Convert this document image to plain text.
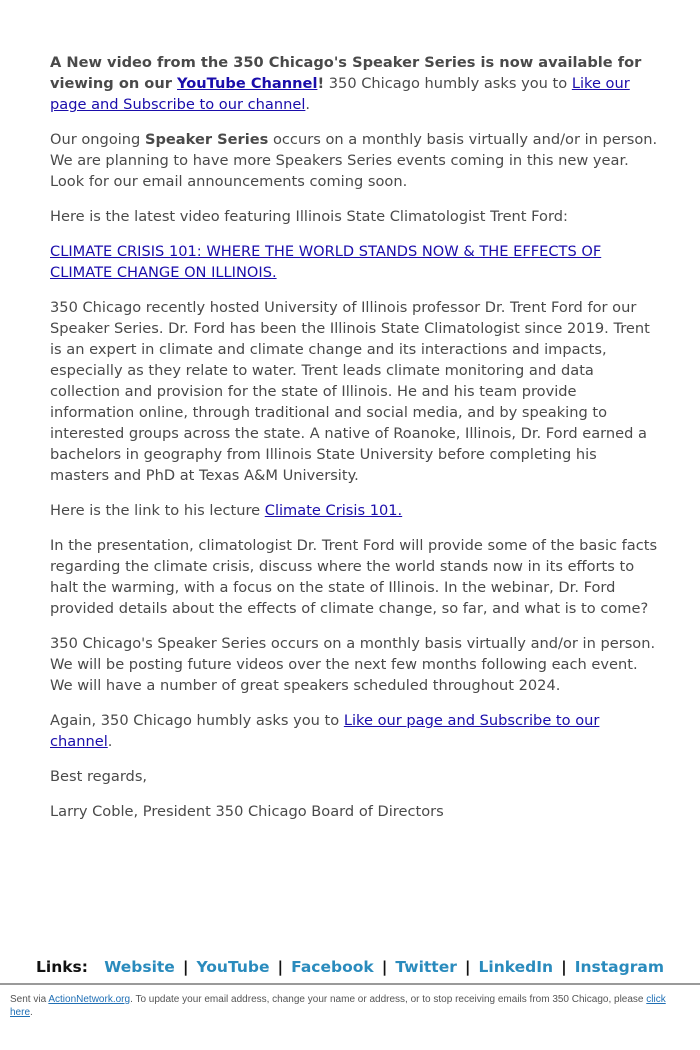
A New video from the 350 Chicago's Speaker Series is now available for viewing on our YouTube Channel! 350 Chicago humbly asks you to Like our page and Subscribe to our channel.

Our ongoing Speaker Series occurs on a monthly basis virtually and/or in person. We are planning to have more Speakers Series events coming in this new year. Look for our email announcements coming soon.

Here is the latest video featuring Illinois State Climatologist Trent Ford:

CLIMATE CRISIS 101: WHERE THE WORLD STANDS NOW & THE EFFECTS OF CLIMATE CHANGE ON ILLINOIS.

350 Chicago recently hosted University of Illinois professor Dr. Trent Ford for our Speaker Series. Dr. Ford has been the Illinois State Climatologist since 2019. Trent is an expert in climate and climate change and its interactions and impacts, especially as they relate to water. Trent leads climate monitoring and data collection and provision for the state of Illinois. He and his team provide information online, through traditional and social media, and by speaking to interested groups across the state. A native of Roanoke, Illinois, Dr. Ford earned a bachelors in geography from Illinois State University before completing his masters and PhD at Texas A&M University.

Here is the link to his lecture Climate Crisis 101.

In the presentation, climatologist Dr. Trent Ford will provide some of the basic facts regarding the climate crisis, discuss where the world stands now in its efforts to halt the warming, with a focus on the state of Illinois. In the webinar, Dr. Ford provided details about the effects of climate change, so far, and what is to come?

350 Chicago's Speaker Series occurs on a monthly basis virtually and/or in person. We will be posting future videos over the next few months following each event. We will have a number of great speakers scheduled throughout 2024.

Again, 350 Chicago humbly asks you to Like our page and Subscribe to our channel.

Best regards,

Larry Coble, President 350 Chicago Board of Directors

Links: Website | YouTube | Facebook | Twitter | LinkedIn | Instagram
Sent via ActionNetwork.org. To update your email address, change your name or address, or to stop receiving emails from 350 Chicago, please click here.
